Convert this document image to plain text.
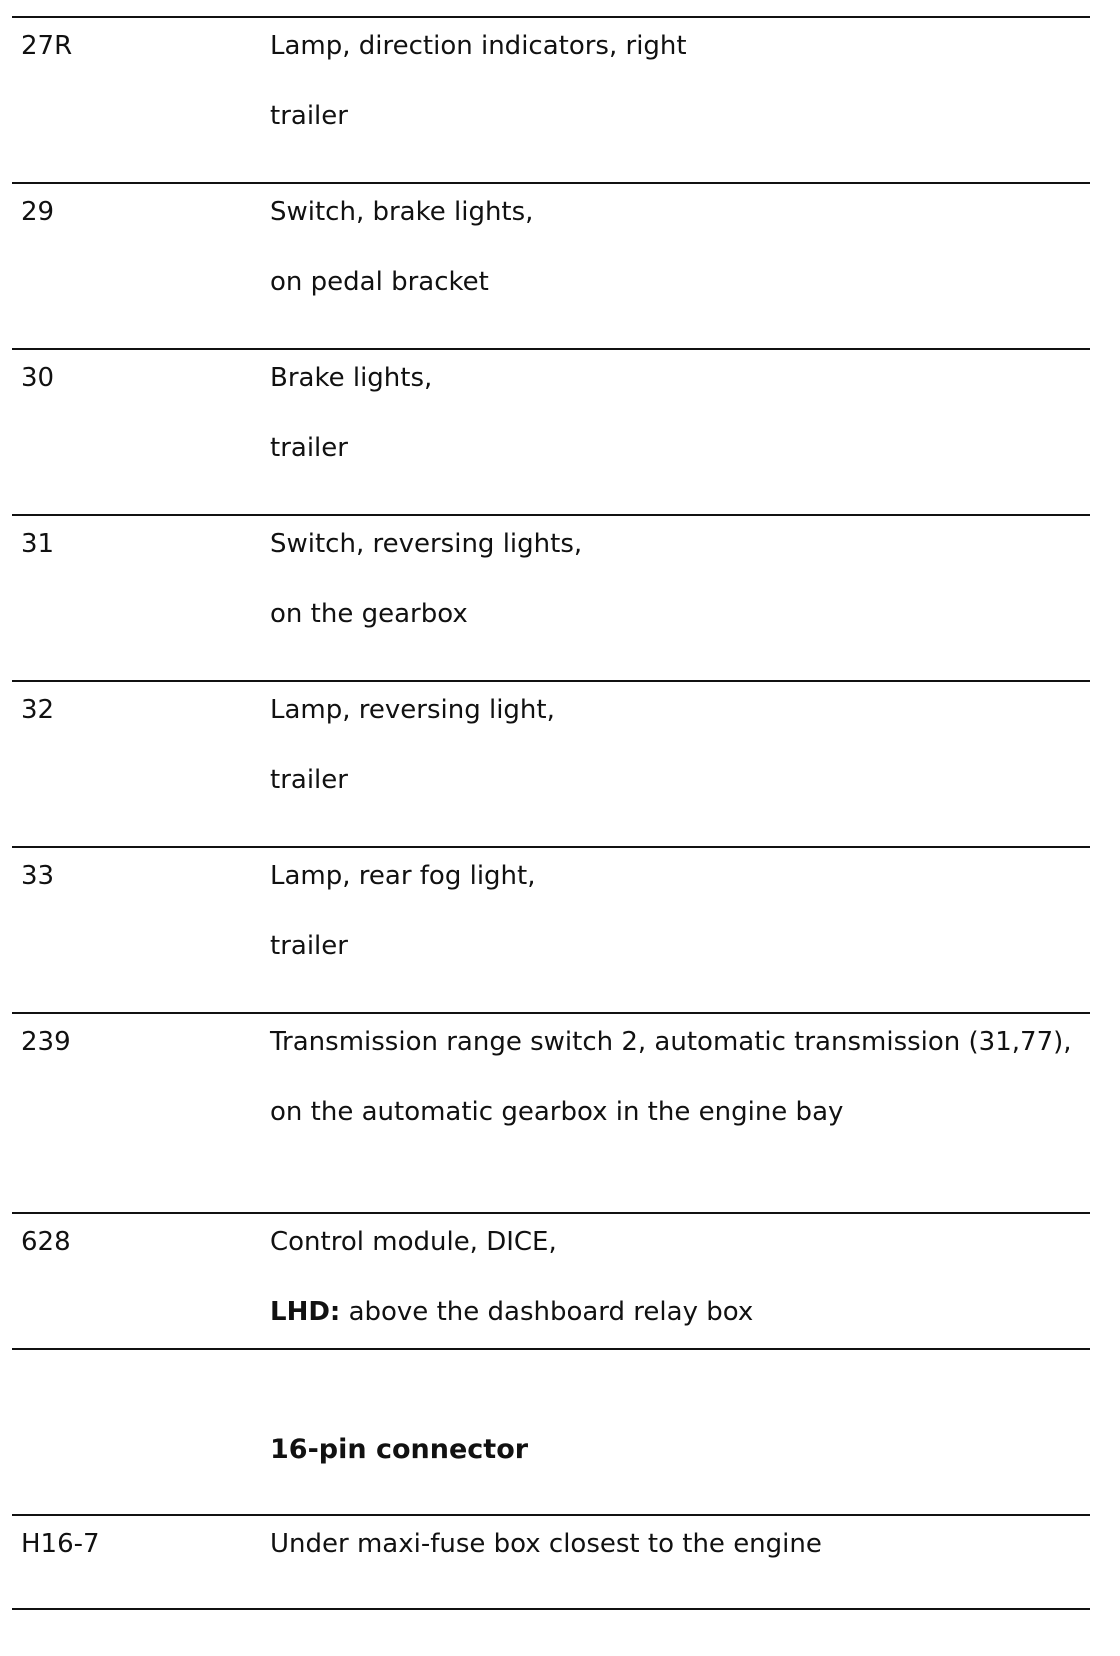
27R	Lamp, direction indicators, right
trailer
29	Switch, brake lights,
on pedal bracket
30	Brake lights,
trailer
31	Switch, reversing lights,
on the gearbox
32	Lamp, reversing light,
trailer
33	Lamp, rear fog light,
trailer
239	Transmission range switch 2, automatic transmission (31,77),
on the automatic gearbox in the engine bay
628	Control module, DICE,
LHD: above the dashboard relay box
16-pin connector
H16-7	Under maxi-fuse box closest to the engine
